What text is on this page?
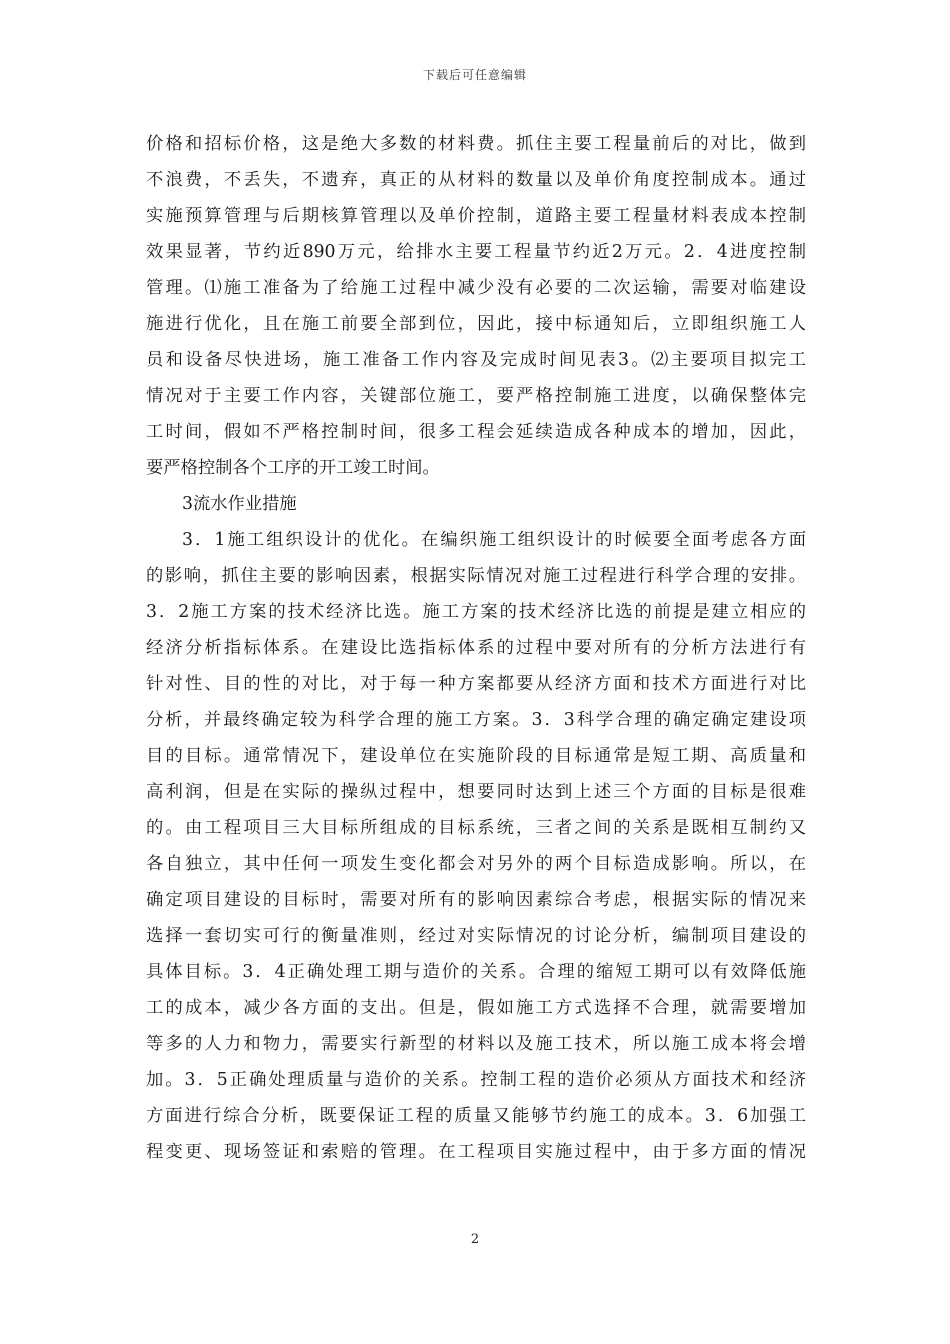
下载后可任意编辑
价格和招标价格，这是绝大多数的材料费。抓住主要工程量前后的对比，做到
不浪费，不丢失，不遗弃，真正的从材料的数量以及单价角度控制成本。通过
实施预算管理与后期核算管理以及单价控制，道路主要工程量材料表成本控制
效果显著，节约近890万元，给排水主要工程量节约近2万元。2．4进度控制
管理。⑴施工准备为了给施工过程中减少没有必要的二次运输，需要对临建设
施进行优化，且在施工前要全部到位，因此，接中标通知后，立即组织施工人
员和设备尽快进场，施工准备工作内容及完成时间见表3。⑵主要项目拟完工
情况对于主要工作内容，关键部位施工，要严格控制施工进度，以确保整体完
工时间，假如不严格控制时间，很多工程会延续造成各种成本的增加，因此，
要严格控制各个工序的开工竣工时间。
3流水作业措施
3．1施工组织设计的优化。在编织施工组织设计的时候要全面考虑各方面
的影响，抓住主要的影响因素，根据实际情况对施工过程进行科学合理的安排。
3．2施工方案的技术经济比选。施工方案的技术经济比选的前提是建立相应的
经济分析指标体系。在建设比选指标体系的过程中要对所有的分析方法进行有
针对性、目的性的对比，对于每一种方案都要从经济方面和技术方面进行对比
分析，并最终确定较为科学合理的施工方案。3．3科学合理的确定确定建设项
目的目标。通常情况下，建设单位在实施阶段的目标通常是短工期、高质量和
高利润，但是在实际的操纵过程中，想要同时达到上述三个方面的目标是很难
的。由工程项目三大目标所组成的目标系统，三者之间的关系是既相互制约又
各自独立，其中任何一项发生变化都会对另外的两个目标造成影响。所以，在
确定项目建设的目标时，需要对所有的影响因素综合考虑，根据实际的情况来
选择一套切实可行的衡量准则，经过对实际情况的讨论分析，编制项目建设的
具体目标。3．4正确处理工期与造价的关系。合理的缩短工期可以有效降低施
工的成本，减少各方面的支出。但是，假如施工方式选择不合理，就需要增加
等多的人力和物力，需要实行新型的材料以及施工技术，所以施工成本将会增
加。3．5正确处理质量与造价的关系。控制工程的造价必须从方面技术和经济
方面进行综合分析，既要保证工程的质量又能够节约施工的成本。3．6加强工
程变更、现场签证和索赔的管理。在工程项目实施过程中，由于多方面的情况
2
